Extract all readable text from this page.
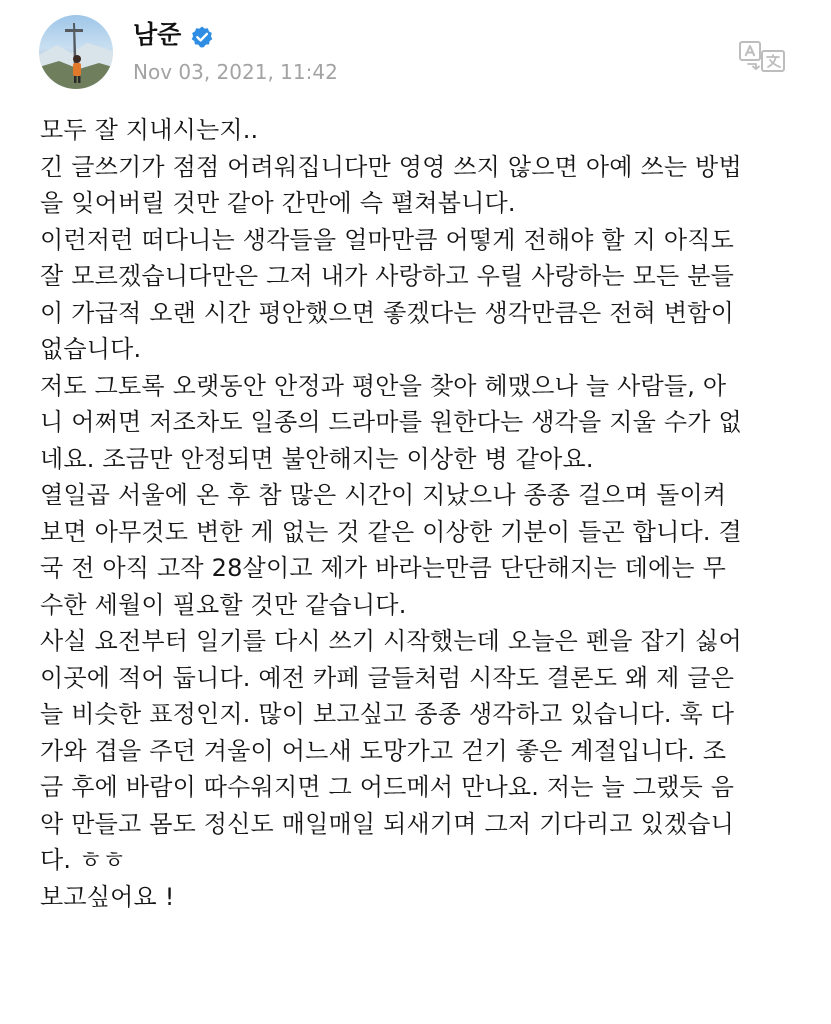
남준
Nov 03, 2021, 11:42
모두 잘 지내시는지..
긴 글쓰기가 점점 어려워집니다만 영영 쓰지 않으면 아예 쓰는 방법
을 잊어버릴 것만 같아 간만에 슥 펼쳐봅니다.
이런저런 떠다니는 생각들을 얼마만큼 어떻게 전해야 할 지 아직도
잘 모르겠습니다만은 그저 내가 사랑하고 우릴 사랑하는 모든 분들
이 가급적 오랜 시간 평안했으면 좋겠다는 생각만큼은 전혀 변함이
없습니다.
저도 그토록 오랫동안 안정과 평안을 찾아 헤맸으나 늘 사람들, 아
니 어쩌면 저조차도 일종의 드라마를 원한다는 생각을 지울 수가 없
네요. 조금만 안정되면 불안해지는 이상한 병 같아요.
열일곱 서울에 온 후 참 많은 시간이 지났으나 종종 걸으며 돌이켜
보면 아무것도 변한 게 없는 것 같은 이상한 기분이 들곤 합니다. 결
국 전 아직 고작 28살이고 제가 바라는만큼 단단해지는 데에는 무
수한 세월이 필요할 것만 같습니다.
사실 요전부터 일기를 다시 쓰기 시작했는데 오늘은 펜을 잡기 싫어
이곳에 적어 둡니다. 예전 카페 글들처럼 시작도 결론도 왜 제 글은
늘 비슷한 표정인지. 많이 보고싶고 종종 생각하고 있습니다. 훅 다
가와 겹을 주던 겨울이 어느새 도망가고 걷기 좋은 계절입니다. 조
금 후에 바람이 따수워지면 그 어드메서 만나요. 저는 늘 그랬듯 음
악 만들고 몸도 정신도 매일매일 되새기며 그저 기다리고 있겠습니
다. ㅎㅎ
보고싶어요 !
